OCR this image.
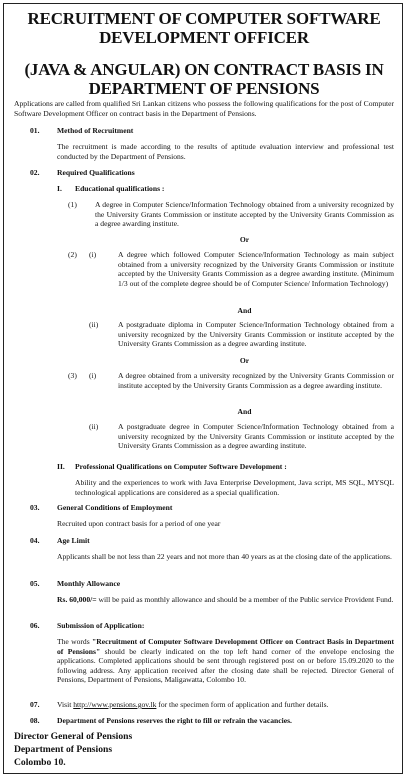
RECRUITMENT OF COMPUTER SOFTWARE
DEVELOPMENT OFFICER
(JAVA & ANGULAR) ON CONTRACT BASIS IN
DEPARTMENT OF PENSIONS
Applications are called from qualified Sri Lankan citizens who possess the following qualifications for the post of Computer Software Development Officer on contract basis in the Department of Pensions.
01. Method of Recruitment
The recruitment is made according to the results of aptitude evaluation interview and professional test conducted by the Department of Pensions.
02. Required Qualifications
I. Educational qualifications :
(1) A degree in Computer Science/Information Technology obtained from a university recognized by the University Grants Commission or institute accepted by the University Grants Commission as a degree awarding institute.
Or
(2) (i)	A degree which followed Computer Science/Information Technology as main subject obtained from a university recognized by the University Grants Commission or institute accepted by the University Grants Commission as a degree awarding institute. (Minimum 1/3 out of the complete degree should be of Computer Science/ Information Technology)
And
(ii)	A postgraduate diploma in Computer Science/Information Technology obtained from a university recognized by the University Grants Commission or institute accepted by the University Grants Commission as a degree awarding institute.
Or
(3) (i)	A degree obtained from a university recognized by the University Grants Commission or institute accepted by the University Grants Commission as a degree awarding institute.
And
(ii)	A postgraduate degree in Computer Science/Information Technology obtained from a university recognized by the University Grants Commission or institute accepted by the University Grants Commission as a degree awarding institute.
II. Professional Qualifications on Computer Software Development :
Ability and the experiences to work with Java Enterprise Development, Java script, MS SQL, MYSQL technological applications are considered as a special qualification.
03. General Conditions of Employment
Recruited upon contract basis for a period of one year
04. Age Limit
Applicants shall be not less than 22 years and not more than 40 years as at the closing date of the applications.
05. Monthly Allowance
Rs. 60,000/= will be paid as monthly allowance and should be a member of the Public service Provident Fund.
06. Submission of Application:
The words "Recruitment of Computer Software Development Officer on Contract Basis in Department of Pensions" should be clearly indicated on the top left hand corner of the envelope enclosing the applications. Completed applications should be sent through registered post on or before 15.09.2020 to the following address. Any application received after the closing date shall be rejected. Director General of Pensions, Department of Pensions, Maligawatta, Colombo 10.
07. Visit http://www.pensions.gov.lk for the specimen form of application and further details.
08. Department of Pensions reserves the right to fill or refrain the vacancies.
Director General of Pensions
Department of Pensions
Colombo 10.
